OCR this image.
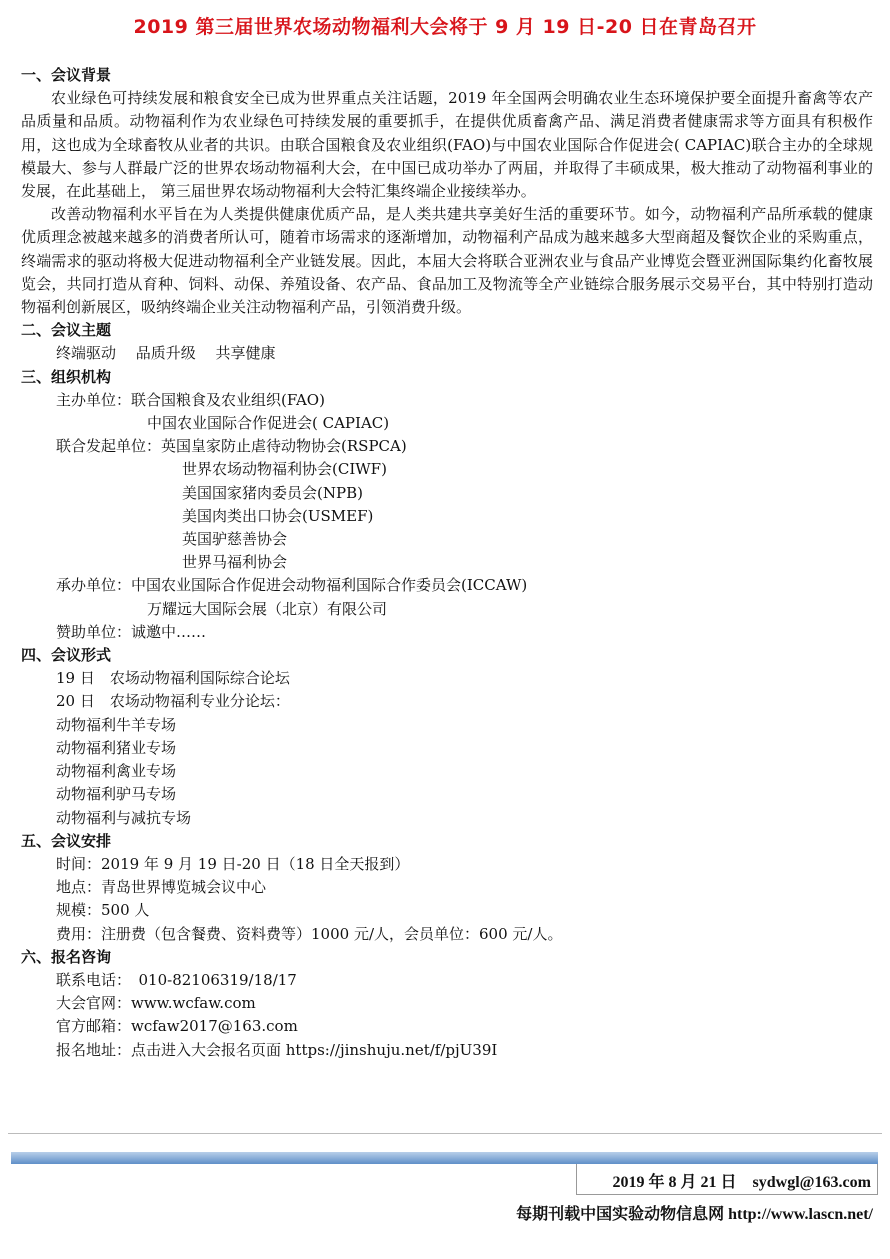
2019 第三届世界农场动物福利大会将于 9 月 19 日-20 日在青岛召开
一、会议背景

农业绿色可持续发展和粮食安全已成为世界重点关注话题，2019 年全国两会明确农业生态环境保护要全面提升畜禽等农产品质量和品质。动物福利作为农业绿色可持续发展的重要抓手，在提供优质畜禽产品、满足消费者健康需求等方面具有积极作用，这也成为全球畜牧从业者的共识。由联合国粮食及农业组织(FAO)与中国农业国际合作促进会( CAPIAC)联合主办的全球规模最大、参与人群最广泛的世界农场动物福利大会，在中国已成功举办了两届，并取得了丰硕成果，极大推动了动物福利事业的发展，在此基础上， 第三届世界农场动物福利大会特汇集终端企业接续举办。

改善动物福利水平旨在为人类提供健康优质产品，是人类共建共享美好生活的重要环节。如今，动物福利产品所承载的健康优质理念被越来越多的消费者所认可，随着市场需求的逐渐增加，动物福利产品成为越来越多大型商超及餐饮企业的采购重点，终端需求的驱动将极大促进动物福利全产业链发展。因此，本届大会将联合亚洲农业与食品产业博览会暨亚洲国际集约化畜牧展览会，共同打造从育种、饲料、动保、养殖设备、农产品、食品加工及物流等全产业链综合服务展示交易平台，其中特别打造动物福利创新展区，吸纳终端企业关注动物福利产品，引领消费升级。

二、会议主题
终端驱动　 品质升级　 共享健康
三、组织机构
主办单位：联合国粮食及农业组织(FAO)
中国农业国际合作促进会( CAPIAC)
联合发起单位：英国皇家防止虐待动物协会(RSPCA)
世界农场动物福利协会(CIWF)
美国国家猪肉委员会(NPB)
美国肉类出口协会(USMEF)
英国驴慈善协会
世界马福利协会
承办单位：中国农业国际合作促进会动物福利国际合作委员会(ICCAW)
万耀远大国际会展（北京）有限公司
赞助单位：诚邀中……
四、会议形式
19 日　农场动物福利国际综合论坛
20 日　农场动物福利专业分论坛：
动物福利牛羊专场
动物福利猪业专场
动物福利禽业专场
动物福利驴马专场
动物福利与减抗专场
五、会议安排
时间：2019 年 9 月 19 日-20 日（18 日全天报到）
地点：青岛世界博览城会议中心
规模：500 人
费用：注册费（包含餐费、资料费等）1000 元/人，会员单位：600 元/人。
六、报名咨询
联系电话：　010-82106319/18/17
大会官网：www.wcfaw.com
官方邮箱：wcfaw2017@163.com
报名地址：点击进入大会报名页面 https://jinshuju.net/f/pjU39I
2019 年 8 月 21 日　sydwgl@163.com
每期刊载中国实验动物信息网 http://www.lascn.net/
